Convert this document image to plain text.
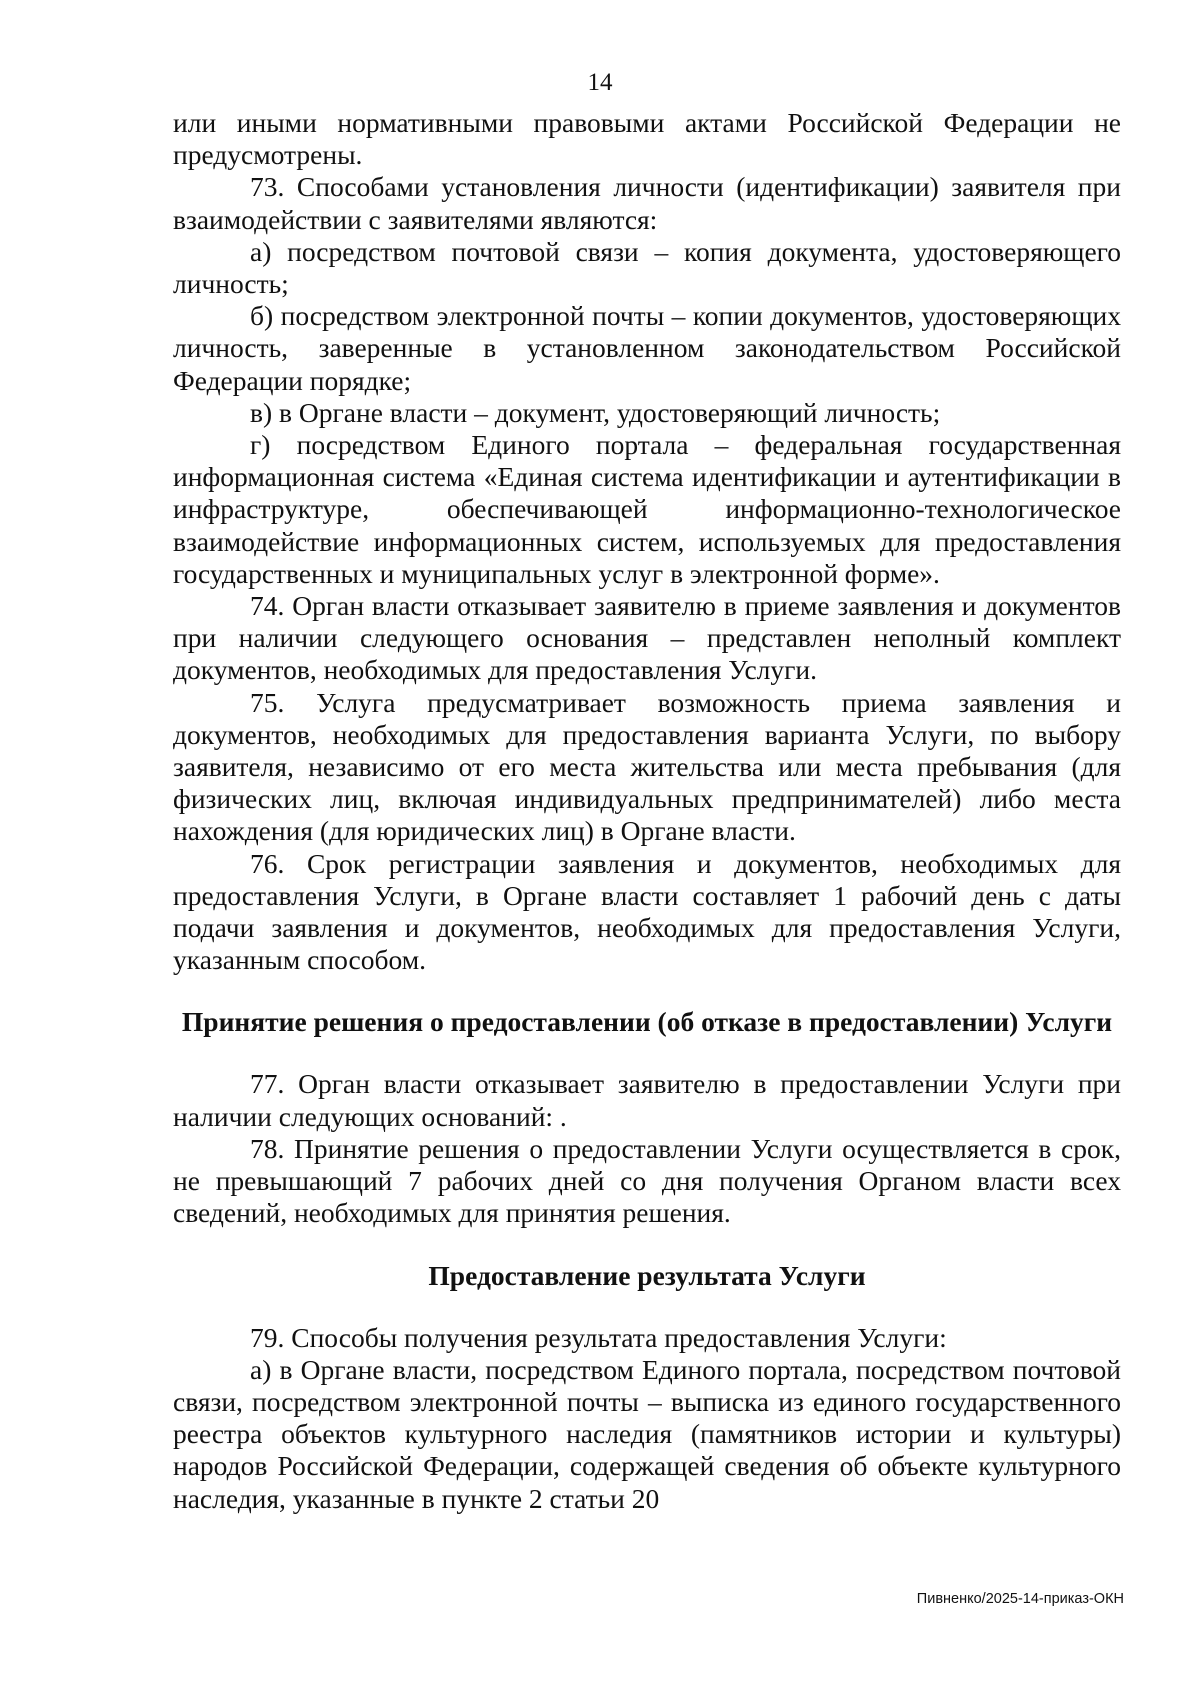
14

или иными нормативными правовыми актами Российской Федерации не предусмотрены.

73. Способами установления личности (идентификации) заявителя при взаимодействии с заявителями являются:

а) посредством почтовой связи – копия документа, удостоверяющего личность;

б) посредством электронной почты – копии документов, удостоверяющих личность, заверенные в установленном законодательством Российской Федерации порядке;

в) в Органе власти – документ, удостоверяющий личность;

г) посредством Единого портала – федеральная государственная информационная система «Единая система идентификации и аутентификации в инфраструктуре, обеспечивающей информационно-технологическое взаимодействие информационных систем, используемых для предоставления государственных и муниципальных услуг в электронной форме».

74. Орган власти отказывает заявителю в приеме заявления и документов при наличии следующего основания – представлен неполный комплект документов, необходимых для предоставления Услуги.

75. Услуга предусматривает возможность приема заявления и документов, необходимых для предоставления варианта Услуги, по выбору заявителя, независимо от его места жительства или места пребывания (для физических лиц, включая индивидуальных предпринимателей) либо места нахождения (для юридических лиц) в Органе власти.

76. Срок регистрации заявления и документов, необходимых для предоставления Услуги, в Органе власти составляет 1 рабочий день с даты подачи заявления и документов, необходимых для предоставления Услуги, указанным способом.

Принятие решения о предоставлении (об отказе в предоставлении) Услуги

77. Орган власти отказывает заявителю в предоставлении Услуги при наличии следующих оснований: .

78. Принятие решения о предоставлении Услуги осуществляется в срок, не превышающий 7 рабочих дней со дня получения Органом власти всех сведений, необходимых для принятия решения.

Предоставление результата Услуги

79. Способы получения результата предоставления Услуги:

а) в Органе власти, посредством Единого портала, посредством почтовой связи, посредством электронной почты – выписка из единого государственного реестра объектов культурного наследия (памятников истории и культуры) народов Российской Федерации, содержащей сведения об объекте культурного наследия, указанные в пункте 2 статьи 20

Пивненко/2025-14-приказ-ОКН
